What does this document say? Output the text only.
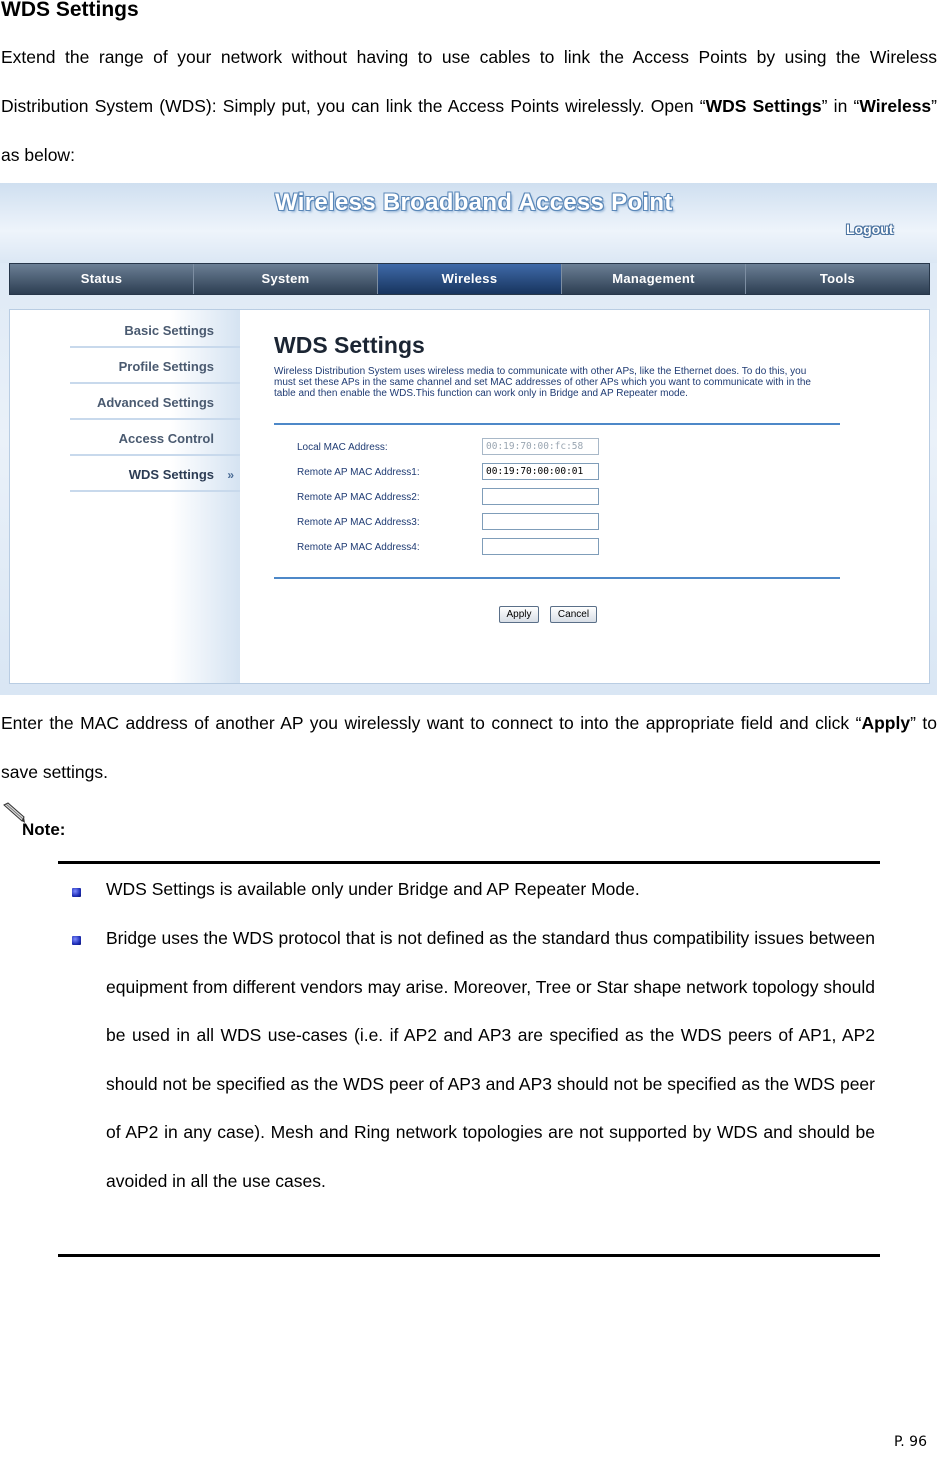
WDS Settings
Extend the range of your network without having to use cables to link the Access Points by using the Wireless Distribution System (WDS): Simply put, you can link the Access Points wirelessly. Open “WDS Settings” in “Wireless” as below:
Wireless Broadband Access Point
Logout
Status	System	Wireless	Management	Tools
Basic Settings
Profile Settings
Advanced Settings
Access Control
WDS Settings »
WDS Settings
Wireless Distribution System uses wireless media to communicate with other APs, like the Ethernet does. To do this, you must set these APs in the same channel and set MAC addresses of other APs which you want to communicate with in the table and then enable the WDS.This function can work only in Bridge and AP Repeater mode.
Local MAC Address:
00:19:70:00:fc:58
Remote AP MAC Address1:
00:19:70:00:00:01
Remote AP MAC Address2:
Remote AP MAC Address3:
Remote AP MAC Address4:
Apply	Cancel
Enter the MAC address of another AP you wirelessly want to connect to into the appropriate field and click “Apply” to save settings.
Note:
WDS Settings is available only under Bridge and AP Repeater Mode.
Bridge uses the WDS protocol that is not defined as the standard thus compatibility issues between equipment from different vendors may arise. Moreover, Tree or Star shape network topology should be used in all WDS use-cases (i.e. if AP2 and AP3 are specified as the WDS peers of AP1, AP2 should not be specified as the WDS peer of AP3 and AP3 should not be specified as the WDS peer of AP2 in any case). Mesh and Ring network topologies are not supported by WDS and should be avoided in all the use cases.
P. 96
